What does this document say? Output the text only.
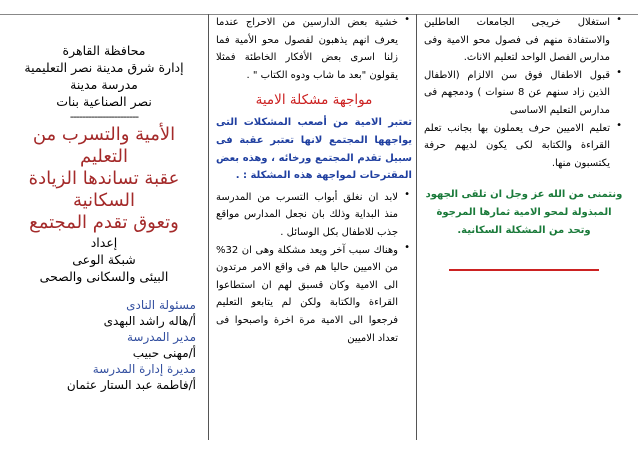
محافظة القاهرة
إدارة شرق مدينة نصر التعليمية
مدرسة مدينة
نصر الصناعية بنات
-----------------------
الأمية والتسرب من
التعليم
عقبة تساندها الزيادة
السكانية
وتعوق تقدم المجتمع
إعداد
شبكة الوعى
البيئى والسكانى والصحى
مسئولة النادى
أ/هاله راشد البهدى
مدير المدرسة
أ/مهنى حبيب
مديرة إدارة المدرسة
أ/فاطمة عبد الستار عثمان
•

خشية بعض الدارسين من الاحراج عندما يعرف انهم يذهبون لفصول محو الأمية فما زلنا اسرى بعض الأفكار الخاطئة فمثلا يقولون "بعد ما شاب ودوه الكتاب " .

مواجهة مشكلة الامية

تعتبر الامية من أصعب المشكلات التى يواجهها المجتمع لانها تعتبر عقبة فى سبيل تقدم المجتمع ورخائه ، وهذه بعض المقترحات لمواجهة هذه المشكلة : .

•

لابد ان نغلق أبواب التسرب من المدرسة منذ البداية وذلك بان نجعل المدارس مواقع جذب للاطفال بكل الوسائل .

•

وهناك سبب آخر ويعد مشكلة وهى ان 32% من الاميين حاليا هم فى واقع الامر مرتدون الى الامية وكان قسبق لهم ان استطاعوا القراءة والكتابة ولكن لم يتابعو التعليم فرجعوا الى الامية مرة اخرة واصبحوا فى تعداد الاميين

•

استغلال خريجى الجامعات العاطلين والاستفادة منهم فى فصول محو الامية وفى مدارس الفصل الواحد لتعليم الاناث.

•

قبول الاطفال فوق سن الالزام (الاطفال الذين زاد سنهم عن 8 سنوات ) ودمجهم فى مدارس التعليم الاساسى

•

تعليم الاميين حرف يعملون بها بجانب تعلم القراءة والكتابة لكى يكون لديهم حرفة يكتسبون منها.

ونتمنى من الله عز وجل ان تلقى الجهود المبذولة لمحو الامية ثمارها المرجوة وتحد من المشكلة السكانية.
